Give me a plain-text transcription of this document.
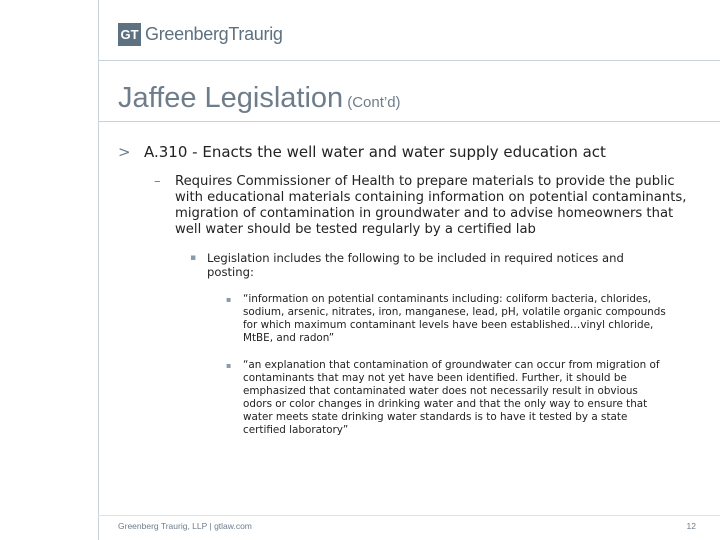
GT GreenbergTraurig
Jaffee Legislation (Cont’d)
> A.310 - Enacts the well water and water supply education act
– Requires Commissioner of Health to prepare materials to provide the public with educational materials containing information on potential contaminants, migration of contamination in groundwater and to advise homeowners that well water should be tested regularly by a certified lab
▪ Legislation includes the following to be included in required notices and posting:
▪ “information on potential contaminants including: coliform bacteria, chlorides, sodium, arsenic, nitrates, iron, manganese, lead, pH, volatile organic compounds for which maximum contaminant levels have been established…vinyl chloride, MtBE, and radon”
▪ “an explanation that contamination of groundwater can occur from migration of contaminants that may not yet have been identified. Further, it should be emphasized that contaminated water does not necessarily result in obvious odors or color changes in drinking water and that the only way to ensure that water meets state drinking water standards is to have it tested by a state certified laboratory”
Greenberg Traurig, LLP | gtlaw.com	12
